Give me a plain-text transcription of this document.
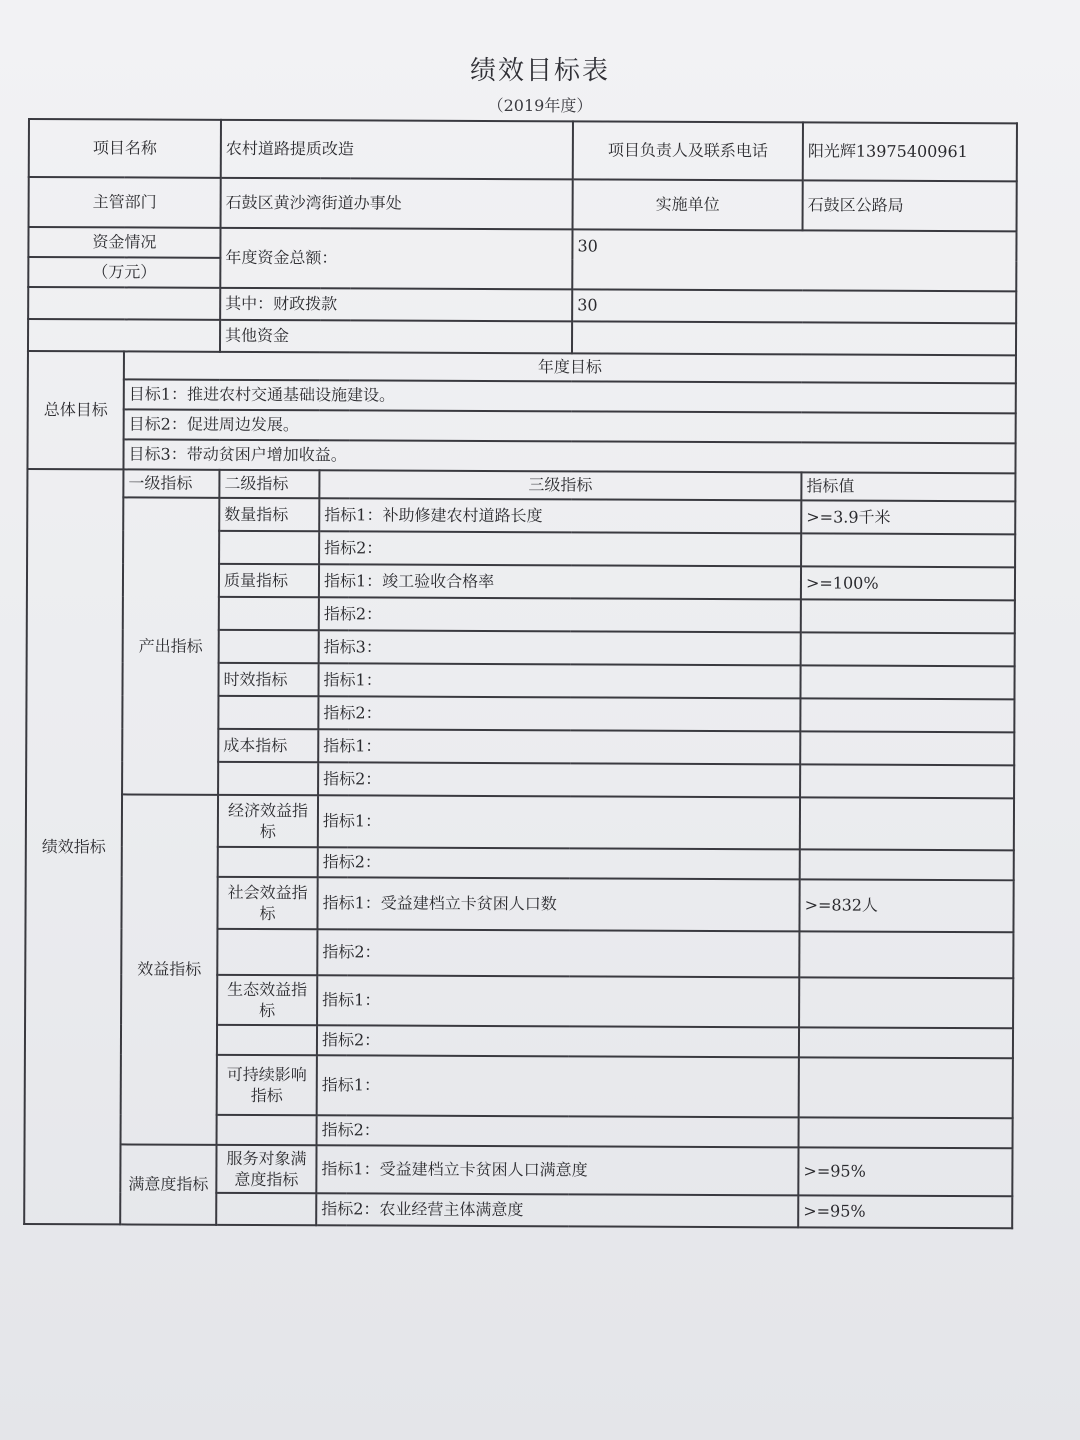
绩效目标表
（2019年度）
项目名称		农村道路提质改造		项目负责人及联系电话	阳光辉13975400961
主管部门		石鼓区黄沙湾街道办事处		实施单位	石鼓区公路局
资金情况		年度资金总额：		30	
（万元）					
		其中：财政拨款		30	
		其他资金			
总体目标	年度目标				
	目标1：推进农村交通基础设施建设。				
	目标2：促进周边发展。				
	目标3：带动贫困户增加收益。				
绩效指标	一级指标	二级指标	三级指标		指标值
	产出指标	数量指标	指标1：补助修建农村道路长度		>=3.9千米
			指标2：		
		质量指标	指标1：竣工验收合格率		>=100%
			指标2：		
			指标3：		
		时效指标	指标1：		
			指标2：		
		成本指标	指标1：		
			指标2：		
	效益指标	经济效益指标	指标1：		
			指标2：		
		社会效益指标	指标1：受益建档立卡贫困人口数		>=832人
			指标2：		
		生态效益指标	指标1：		
			指标2：		
		可持续影响指标	指标1：		
			指标2：		
	满意度指标	服务对象满意度指标	指标1：受益建档立卡贫困人口满意度		>=95%
			指标2：农业经营主体满意度		>=95%
